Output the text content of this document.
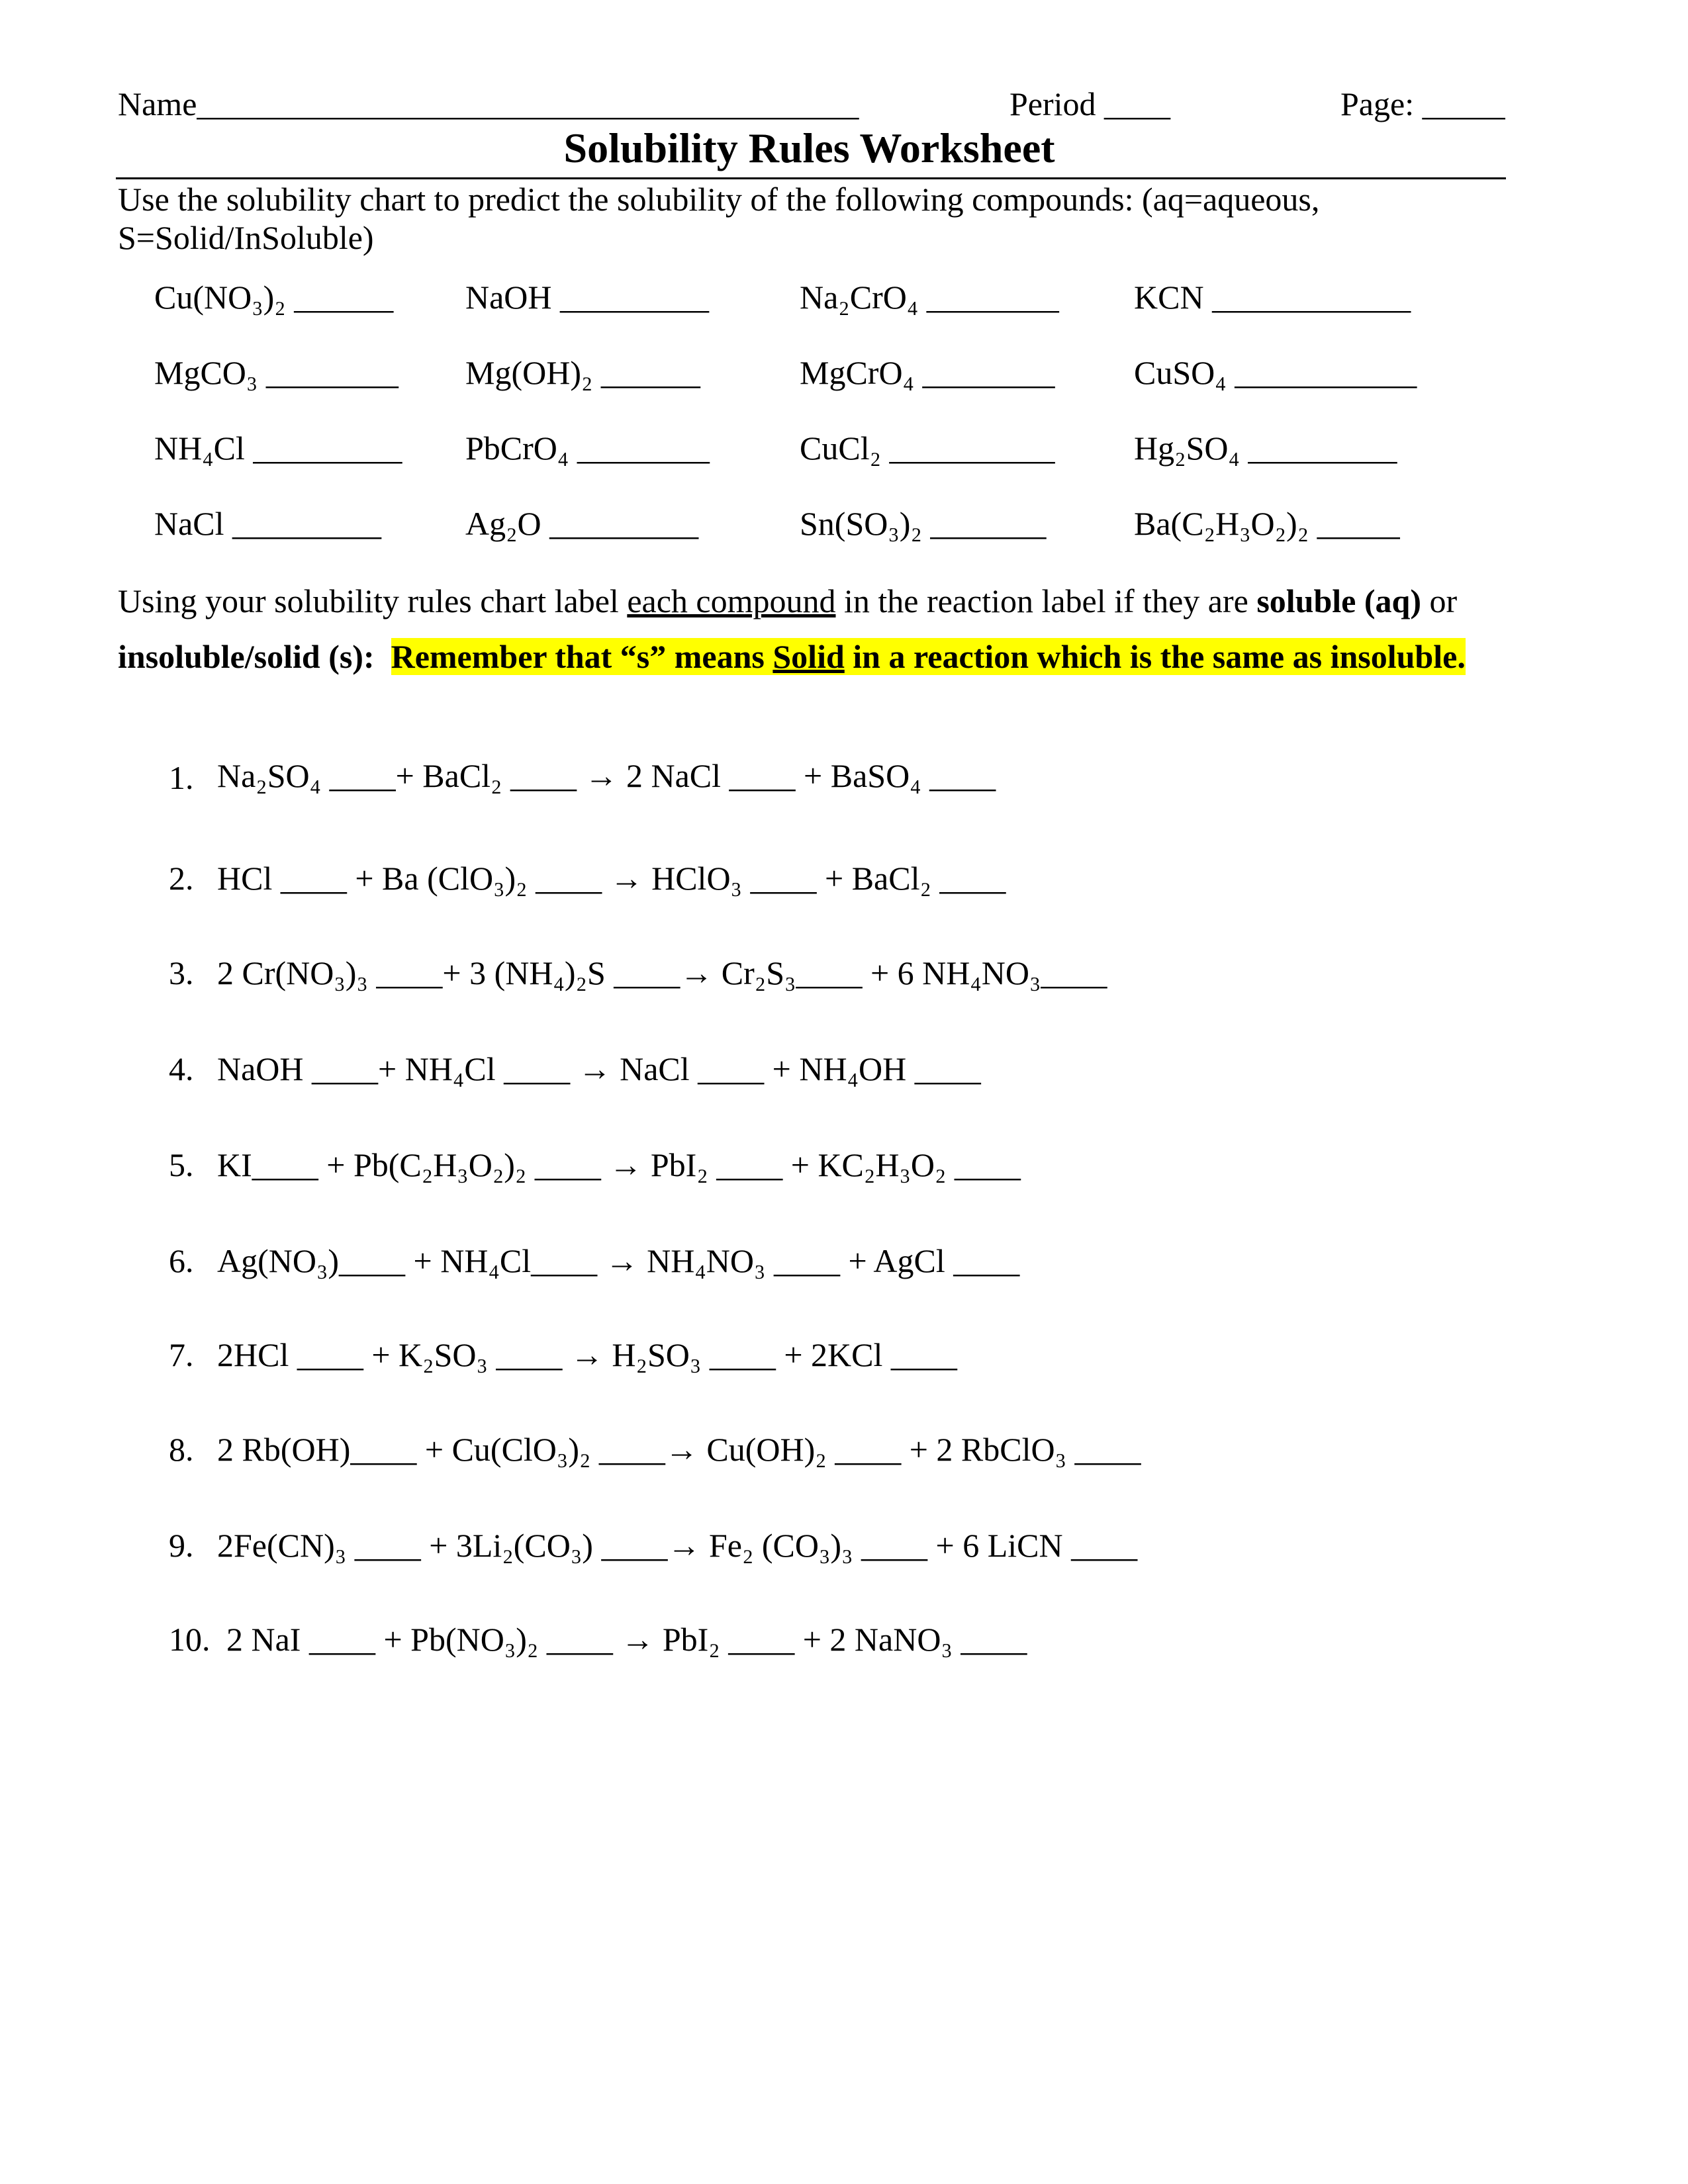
Name________________________________________	Period ____	Page: _____
Solubility Rules Worksheet
Use the solubility chart to predict the solubility of the following compounds: (aq=aqueous, S=Solid/InSoluble)
Cu(NO₃)₂ ______ NaOH _________	Na₂CrO₄ ________ KCN ____________
MgCO₃ ________ Mg(OH)₂ ______	MgCrO₄ ________ CuSO₄ ___________
NH₄Cl _________ PbCrO₄ ________	CuCl₂ __________ Hg₂SO₄ _________
NaCl _________	Ag₂O _________	Sn(SO₃)₂ _______	Ba(C₂H₃O₂)₂ _____
Using your solubility rules chart label each compound in the reaction label if they are soluble (aq) or
insoluble/solid (s): Remember that “s” means Solid in a reaction which is the same as insoluble.
1. Na₂SO₄ ____+ BaCl₂ ____ → 2 NaCl ____ + BaSO₄ ____
2. HCl ____ + Ba (ClO₃)₂ ____ → HClO₃ ____ + BaCl₂ ____
3. 2 Cr(NO₃)₃ ____+ 3 (NH₄)₂S ____→ Cr₂S₃____ + 6 NH₄NO₃____
4. NaOH ____+ NH₄Cl ____ → NaCl ____ + NH₄OH ____
5. KI____ + Pb(C₂H₃O₂)₂ ____ → PbI₂ ____ + KC₂H₃O₂ ____
6. Ag(NO₃)____ + NH₄Cl____ → NH₄NO₃ ____ + AgCl ____
7. 2HCl ____ + K₂SO₃ ____ → H₂SO₃ ____ + 2KCl ____
8. 2 Rb(OH)____ + Cu(ClO₃)₂ ____→ Cu(OH)₂ ____ + 2 RbClO₃ ____
9. 2Fe(CN)₃ ____ + 3Li₂(CO₃) ____→ Fe₂ (CO₃)₃ ____ + 6 LiCN ____
10. 2 NaI ____ + Pb(NO₃)₂ ____ → PbI₂ ____ + 2 NaNO₃ ____
